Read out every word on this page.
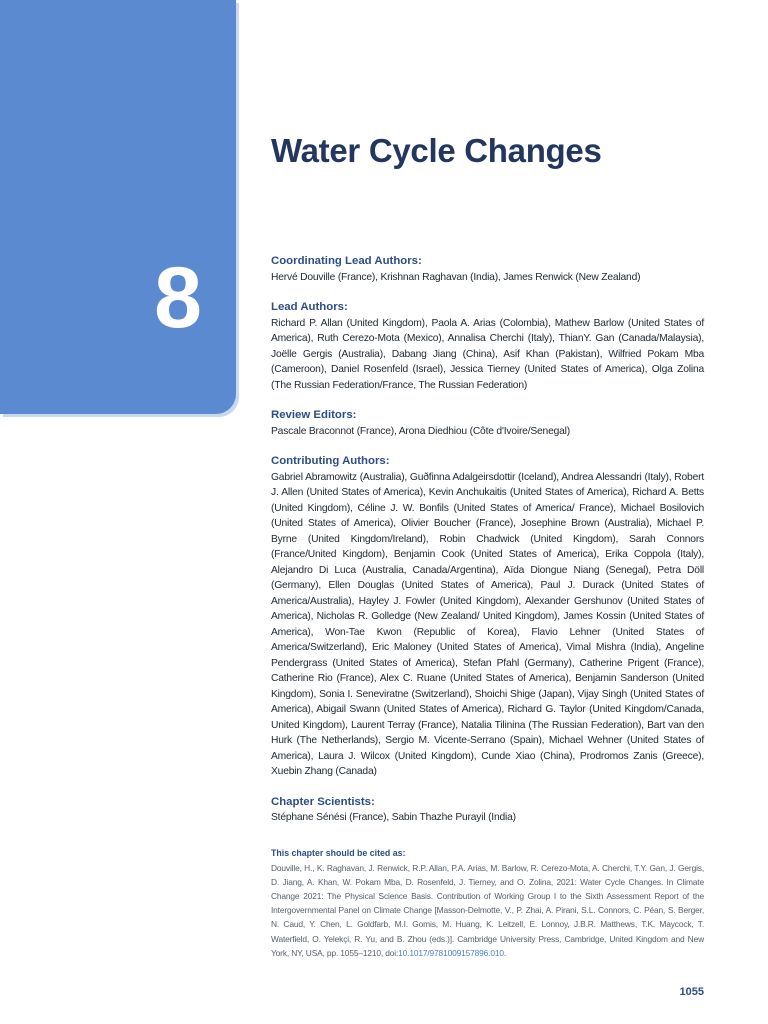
8
Water Cycle Changes
Coordinating Lead Authors:
Hervé Douville (France), Krishnan Raghavan (India), James Renwick (New Zealand)
Lead Authors:
Richard P. Allan (United Kingdom), Paola A. Arias (Colombia), Mathew Barlow (United States of America), Ruth Cerezo-Mota (Mexico), Annalisa Cherchi (Italy), ThianY. Gan (Canada/Malaysia), Joëlle Gergis (Australia), Dabang Jiang (China), Asif Khan (Pakistan), Wilfried Pokam Mba (Cameroon), Daniel Rosenfeld (Israel), Jessica Tierney (United States of America), Olga Zolina (The Russian Federation/France, The Russian Federation)
Review Editors:
Pascale Braconnot (France), Arona Diedhiou (Côte d'Ivoire/Senegal)
Contributing Authors:
Gabriel Abramowitz (Australia), Guðfinna Adalgeirsdottir (Iceland), Andrea Alessandri (Italy), Robert J. Allen (United States of America), Kevin Anchukaitis (United States of America), Richard A. Betts (United Kingdom), Céline J. W. Bonfils (United States of America/ France), Michael Bosilovich (United States of America), Olivier Boucher (France), Josephine Brown (Australia), Michael P. Byrne (United Kingdom/Ireland), Robin Chadwick (United Kingdom), Sarah Connors (France/United Kingdom), Benjamin Cook (United States of America), Erika Coppola (Italy), Alejandro Di Luca (Australia, Canada/Argentina), Aïda Diongue Niang (Senegal), Petra Döll (Germany), Ellen Douglas (United States of America), Paul J. Durack (United States of America/Australia), Hayley J. Fowler (United Kingdom), Alexander Gershunov (United States of America), Nicholas R. Golledge (New Zealand/ United Kingdom), James Kossin (United States of America), Won-Tae Kwon (Republic of Korea), Flavio Lehner (United States of America/Switzerland), Eric Maloney (United States of America), Vimal Mishra (India), Angeline Pendergrass (United States of America), Stefan Pfahl (Germany), Catherine Prigent (France), Catherine Rio (France), Alex C. Ruane (United States of America), Benjamin Sanderson (United Kingdom), Sonia I. Seneviratne (Switzerland), Shoichi Shige (Japan), Vijay Singh (United States of America), Abigail Swann (United States of America), Richard G. Taylor (United Kingdom/Canada, United Kingdom), Laurent Terray (France), Natalia Tilinina (The Russian Federation), Bart van den Hurk (The Netherlands), Sergio M. Vicente-Serrano (Spain), Michael Wehner (United States of America), Laura J. Wilcox (United Kingdom), Cunde Xiao (China), Prodromos Zanis (Greece), Xuebin Zhang (Canada)
Chapter Scientists:
Stéphane Sénési (France), Sabin Thazhe Purayil (India)
This chapter should be cited as:
Douville, H., K. Raghavan, J. Renwick, R.P. Allan, P.A. Arias, M. Barlow, R. Cerezo-Mota, A. Cherchi, T.Y. Gan, J. Gergis, D. Jiang, A. Khan, W. Pokam Mba, D. Rosenfeld, J. Tierney, and O. Zolina, 2021: Water Cycle Changes. In Climate Change 2021: The Physical Science Basis. Contribution of Working Group I to the Sixth Assessment Report of the Intergovernmental Panel on Climate Change [Masson-Delmotte, V., P. Zhai, A. Pirani, S.L. Connors, C. Péan, S. Berger, N. Caud, Y. Chen, L. Goldfarb, M.I. Gomis, M. Huang, K. Leitzell, E. Lonnoy, J.B.R. Matthews, T.K. Maycock, T. Waterfield, O. Yelekçi, R. Yu, and B. Zhou (eds.)]. Cambridge University Press, Cambridge, United Kingdom and New York, NY, USA, pp. 1055–1210, doi:10.1017/9781009157896.010.
1055
